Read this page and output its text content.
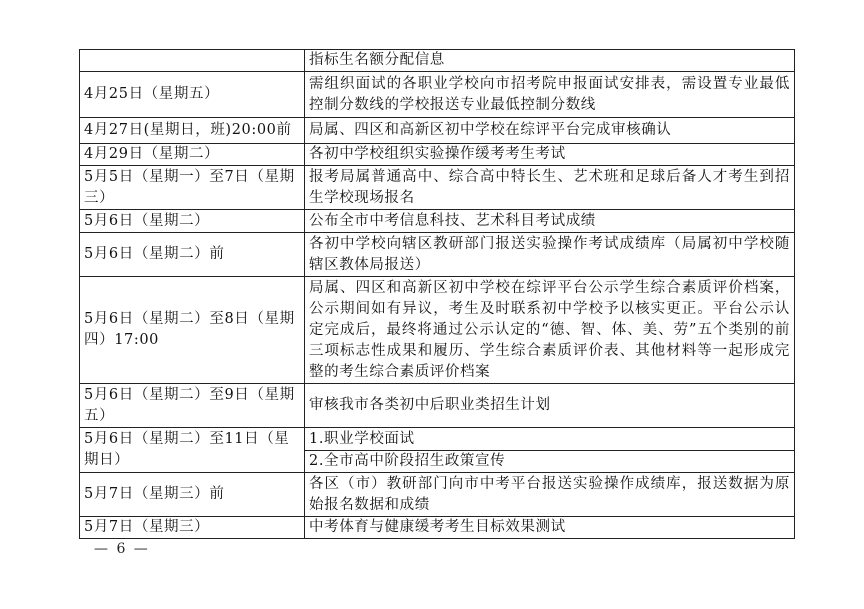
	指标生名额分配信息
4月25日（星期五）	需组织面试的各职业学校向市招考院申报面试安排表，需设置专业最低控制分数线的学校报送专业最低控制分数线
4月27日(星期日，班)20:00前	局属、四区和高新区初中学校在综评平台完成审核确认
4月29日（星期二）	各初中学校组织实验操作缓考考生考试
5月5日（星期一）至7日（星期三）	报考局属普通高中、综合高中特长生、艺术班和足球后备人才考生到招生学校现场报名
5月6日（星期二）	公布全市中考信息科技、艺术科目考试成绩
5月6日（星期二）前	各初中学校向辖区教研部门报送实验操作考试成绩库（局属初中学校随辖区教体局报送）
5月6日（星期二）至8日（星期四）17:00	局属、四区和高新区初中学校在综评平台公示学生综合素质评价档案，公示期间如有异议，考生及时联系初中学校予以核实更正。平台公示认定完成后，最终将通过公示认定的“德、智、体、美、劳”五个类别的前三项标志性成果和履历、学生综合素质评价表、其他材料等一起形成完整的考生综合素质评价档案
5月6日（星期二）至9日（星期五）	审核我市各类初中后职业类招生计划
5月6日（星期二）至11日（星期日）	1.职业学校面试
	2.全市高中阶段招生政策宣传
5月7日（星期三）前	各区（市）教研部门向市中考平台报送实验操作成绩库，报送数据为原始报名数据和成绩
5月7日（星期三）	中考体育与健康缓考考生目标效果测试
— 6 —
